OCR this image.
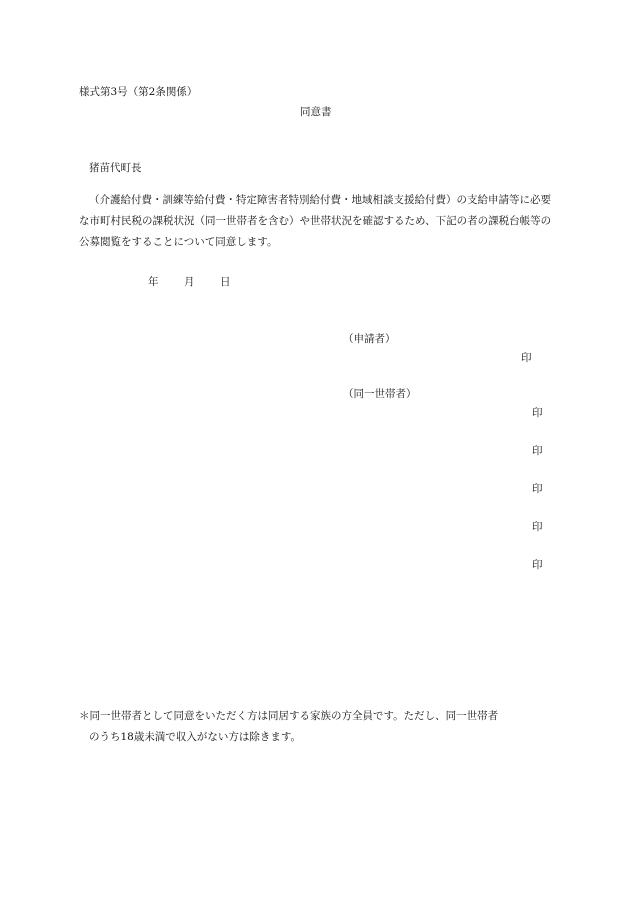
様式第3号（第2条関係）
同意書
猪苗代町長
（介護給付費・訓練等給付費・特定障害者特別給付費・地域相談支援給付費）の支給申請等に必要な市町村民税の課税状況（同一世帯者を含む）や世帯状況を確認するため、下記の者の課税台帳等の公募閲覧をすることについて同意します。
年 月 日
（申請者）
印
（同一世帯者）
印
印
印
印
印
＊同一世帯者として同意をいただく方は同居する家族の方全員です。ただし、同一世帯者
のうち18歳未満で収入がない方は除きます。
